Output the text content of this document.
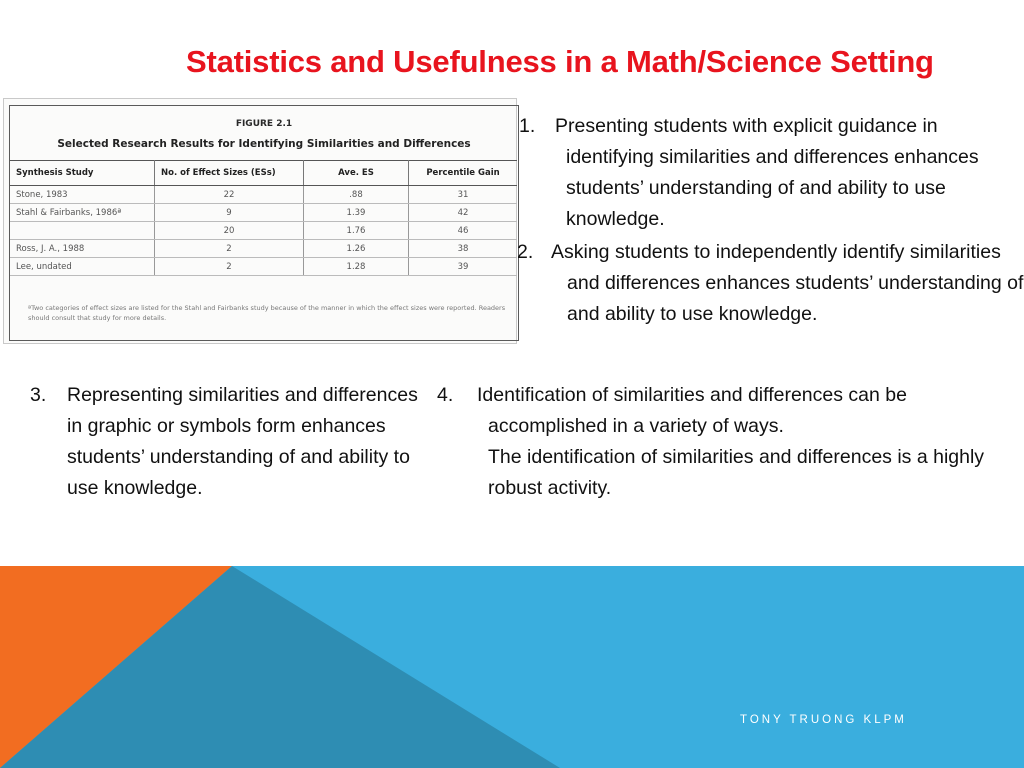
Statistics and Usefulness in a Math/Science Setting
FIGURE 2.1
Selected Research Results for Identifying Similarities and Differences
Synthesis Study	No. of Effect Sizes (ESs)	Ave. ES	Percentile Gain
Stone, 1983	22	.88	31
Stahl & Fairbanks, 1986ª	9	1.39	42
	20	1.76	46
Ross, J. A., 1988	2	1.26	38
Lee, undated	2	1.28	39
ªTwo categories of effect sizes are listed for the Stahl and Fairbanks study because of the manner in which the effect sizes were reported. Readers should consult that study for more details.
1.	Presenting students with explicit guidance in identifying similarities and differences enhances students’ understanding of and ability to use knowledge.
2. Asking students to independently identify similarities and differences enhances students’ understanding of and ability to use knowledge.
3.	Representing similarities and differences in graphic or symbols form enhances students’ understanding of and ability to use knowledge.
4.	Identification of similarities and differences can be accomplished in a variety of ways.
The identification of similarities and differences is a highly robust activity.
TONY TRUONG KLPM
